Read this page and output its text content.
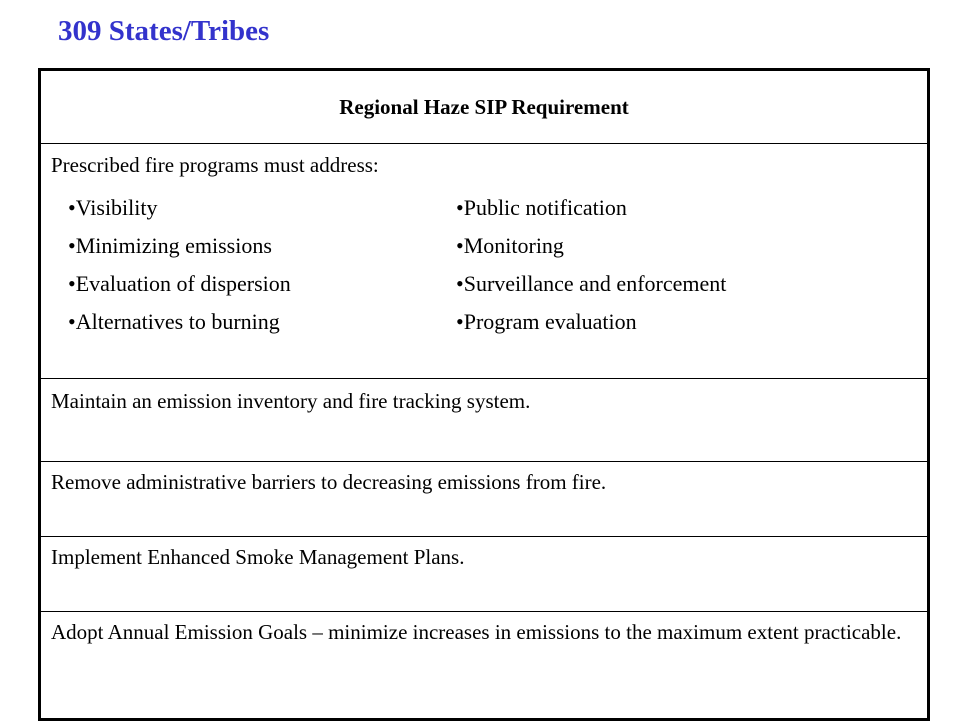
309 States/Tribes
Regional Haze SIP Requirement

Prescribed fire programs must address:
• Visibility
• Minimizing emissions
• Evaluation of dispersion
• Alternatives to burning
• Public notification
• Monitoring
• Surveillance and enforcement
• Program evaluation

Maintain an emission inventory and fire tracking system.
Remove administrative barriers to decreasing emissions from fire.
Implement Enhanced Smoke Management Plans.
Adopt Annual Emission Goals – minimize increases in emissions to the maximum extent practicable.
